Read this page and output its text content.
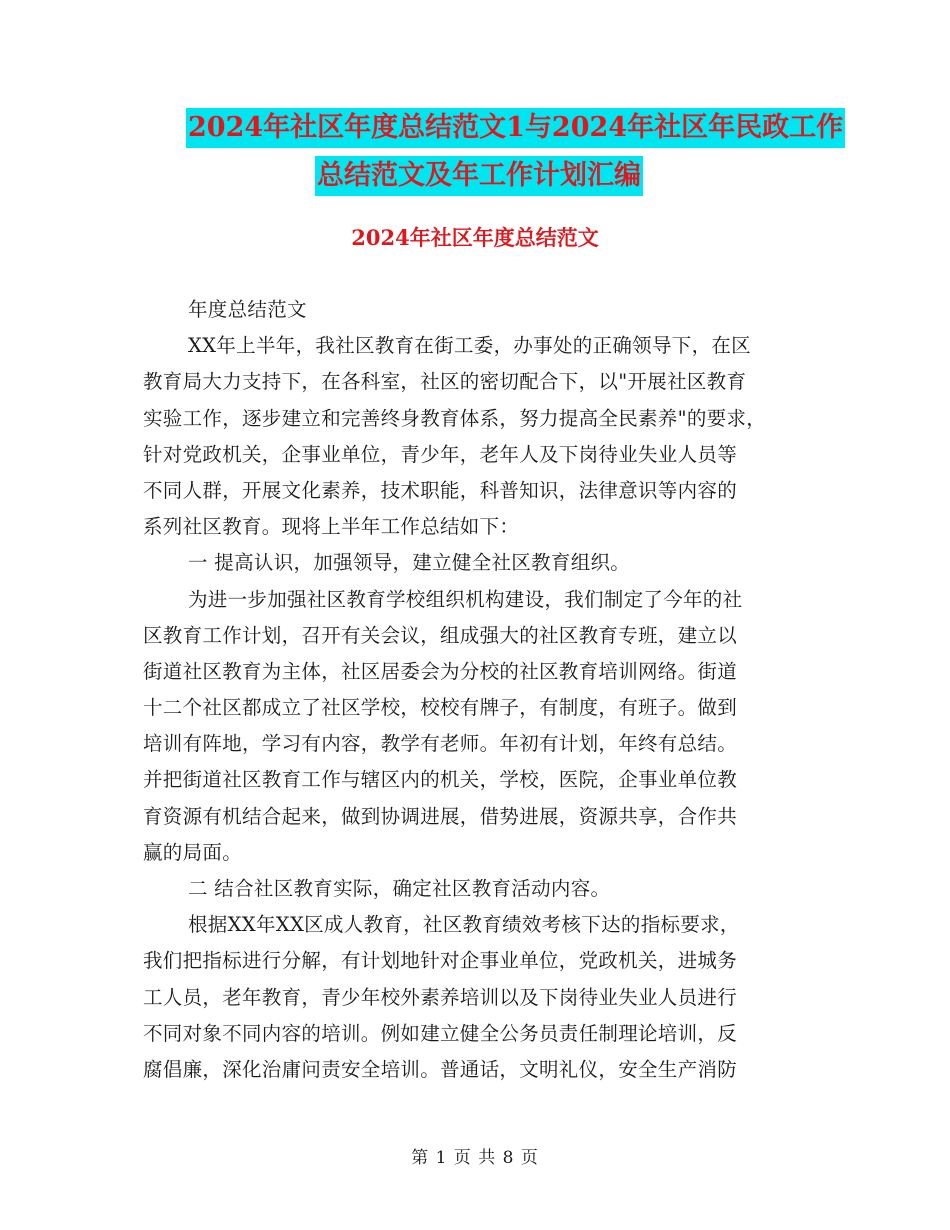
2024年社区年度总结范文1与2024年社区年民政工作
总结范文及年工作计划汇编
2024年社区年度总结范文
年度总结范文
XX年上半年，我社区教育在街工委，办事处的正确领导下，在区
教育局大力支持下，在各科室，社区的密切配合下，以"开展社区教育
实验工作，逐步建立和完善终身教育体系，努力提高全民素养"的要求，
针对党政机关，企事业单位，青少年，老年人及下岗待业失业人员等
不同人群，开展文化素养，技术职能，科普知识，法律意识等内容的
系列社区教育。现将上半年工作总结如下：
一 提高认识，加强领导，建立健全社区教育组织。
为进一步加强社区教育学校组织机构建设，我们制定了今年的社
区教育工作计划，召开有关会议，组成强大的社区教育专班，建立以
街道社区教育为主体，社区居委会为分校的社区教育培训网络。街道
十二个社区都成立了社区学校，校校有牌子，有制度，有班子。做到
培训有阵地，学习有内容，教学有老师。年初有计划，年终有总结。
并把街道社区教育工作与辖区内的机关，学校，医院，企事业单位教
育资源有机结合起来，做到协调进展，借势进展，资源共享，合作共
赢的局面。
二 结合社区教育实际，确定社区教育活动内容。
根据XX年XX区成人教育，社区教育绩效考核下达的指标要求，
我们把指标进行分解，有计划地针对企事业单位，党政机关，进城务
工人员，老年教育，青少年校外素养培训以及下岗待业失业人员进行
不同对象不同内容的培训。例如建立健全公务员责任制理论培训，反
腐倡廉，深化治庸问责安全培训。普通话，文明礼仪，安全生产消防
第 1 页 共 8 页
